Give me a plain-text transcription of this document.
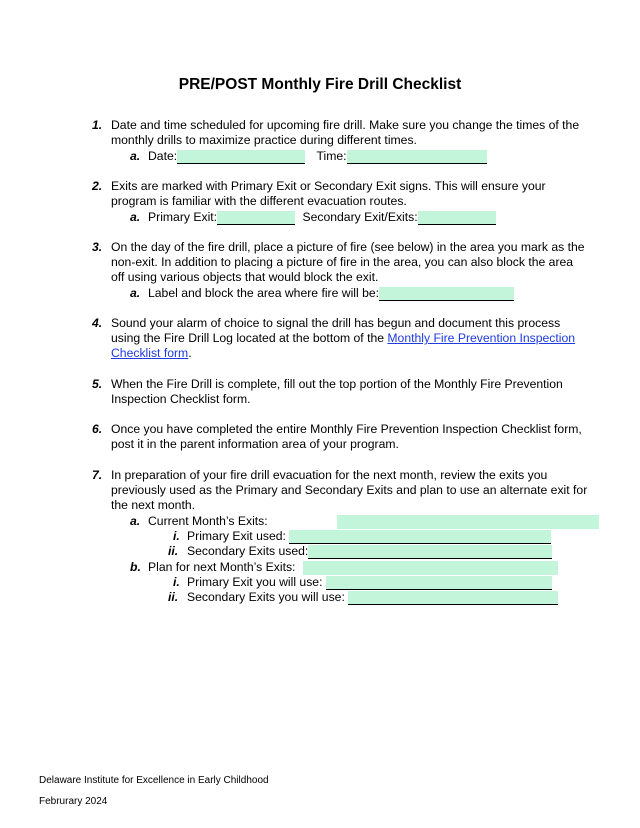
PRE/POST Monthly Fire Drill Checklist
1. Date and time scheduled for upcoming fire drill. Make sure you change the times of the
monthly drills to maximize practice during different times.
a. Date:	Time:
2. Exits are marked with Primary Exit or Secondary Exit signs. This will ensure your
program is familiar with the different evacuation routes.
a. Primary Exit:	Secondary Exit/Exits:
3. On the day of the fire drill, place a picture of fire (see below) in the area you mark as the
non-exit. In addition to placing a picture of fire in the area, you can also block the area
off using various objects that would block the exit.
a. Label and block the area where fire will be:
4. Sound your alarm of choice to signal the drill has begun and document this process
using the Fire Drill Log located at the bottom of the Monthly Fire Prevention Inspection
Checklist form.
5. When the Fire Drill is complete, fill out the top portion of the Monthly Fire Prevention
Inspection Checklist form.
6. Once you have completed the entire Monthly Fire Prevention Inspection Checklist form,
post it in the parent information area of your program.
7. In preparation of your fire drill evacuation for the next month, review the exits you
previously used as the Primary and Secondary Exits and plan to use an alternate exit for
the next month.
a. Current Month’s Exits:
i. Primary Exit used:
ii. Secondary Exits used:
b. Plan for next Month’s Exits:
i. Primary Exit you will use:
ii. Secondary Exits you will use:
Delaware Institute for Excellence in Early Childhood
Februrary 2024
